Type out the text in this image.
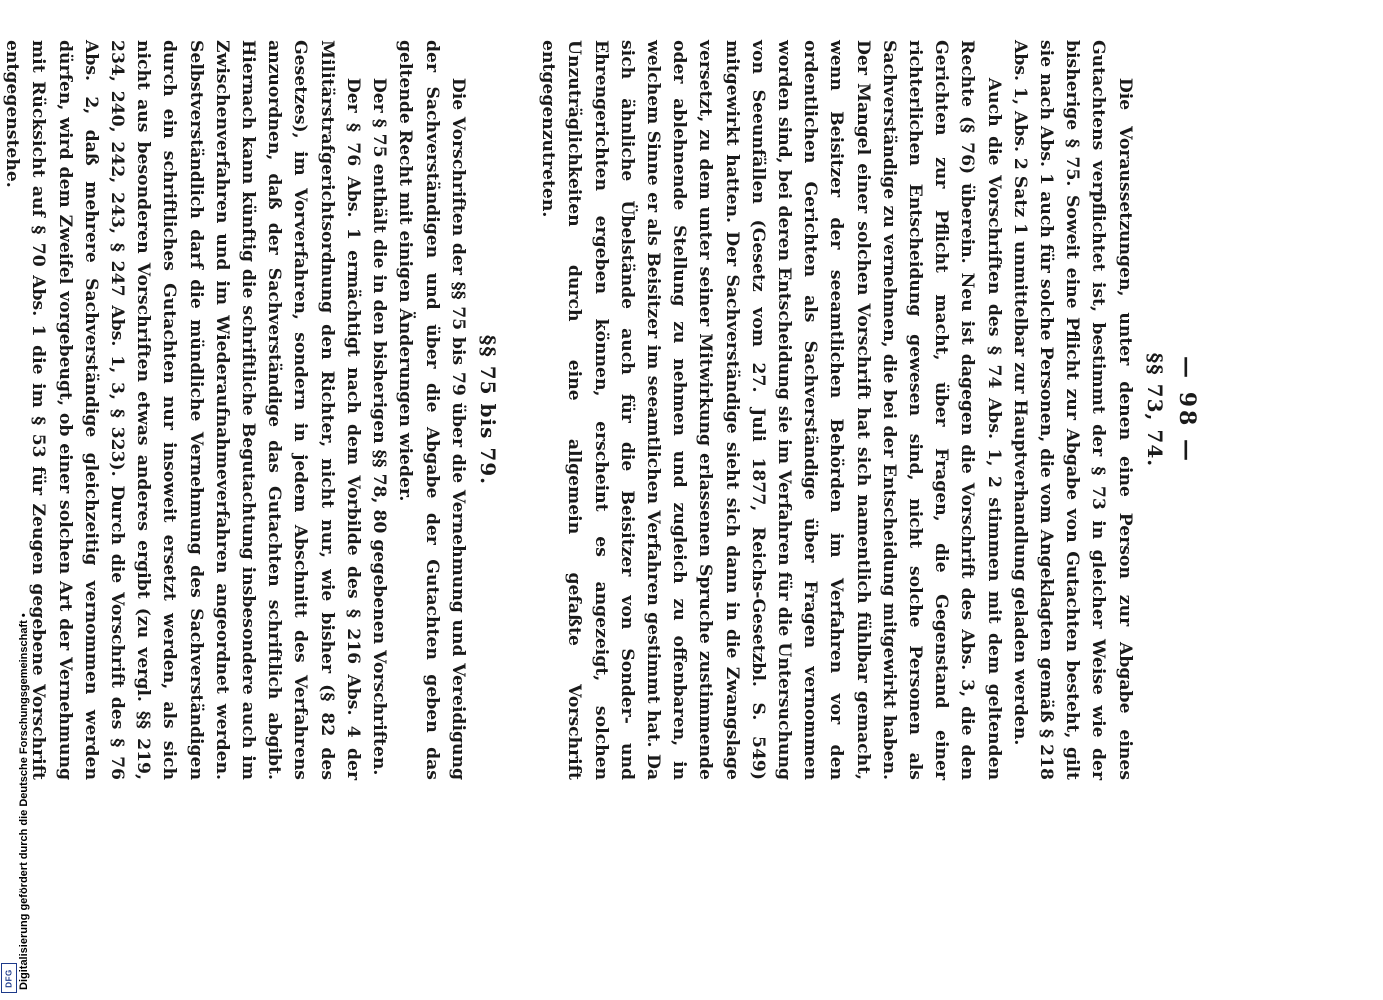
— 98 —
§§ 73, 74.

Die Voraussetzungen, unter denen eine Person zur Abgabe eines Gutachtens verpflichtet ist, bestimmt der § 73 in gleicher Weise wie der bisherige § 75. Soweit eine Pflicht zur Abgabe von Gutachten besteht, gilt sie nach Abs. 1 auch für solche Personen, die vom Angeklagten gemäß § 218 Abs. 1, Abs. 2 Satz 1 unmittelbar zur Hauptverhandlung geladen werden.

Auch die Vorschriften des § 74 Abs. 1, 2 stimmen mit dem geltenden Rechte (§ 76) überein. Neu ist dagegen die Vorschrift des Abs. 3, die den Gerichten zur Pflicht macht, über Fragen, die Gegenstand einer richterlichen Entscheidung gewesen sind, nicht solche Personen als Sachverständige zu vernehmen, die bei der Entscheidung mitgewirkt haben. Der Mangel einer solchen Vorschrift hat sich namentlich fühlbar gemacht, wenn Beisitzer der seeamtlichen Behörden im Verfahren vor den ordentlichen Gerichten als Sachverständige über Fragen vernommen worden sind, bei deren Entscheidung sie im Verfahren für die Untersuchung von Seeunfällen (Gesetz vom 27. Juli 1877, Reichs-Gesetzbl. S. 549) mitgewirkt hatten. Der Sachverständige sieht sich dann in die Zwangslage versetzt, zu dem unter seiner Mitwirkung erlassenen Spruche zustimmende oder ablehnende Stellung zu nehmen und zugleich zu offenbaren, in welchem Sinne er als Beisitzer im seeamtlichen Verfahren gestimmt hat. Da sich ähnliche Übelstände auch für die Beisitzer von Sonder- und Ehrengerichten ergeben können, erscheint es angezeigt, solchen Unzuträglichkeiten durch eine allgemein gefaßte Vorschrift entgegenzutreten.

§§ 75 bis 79.

Die Vorschriften der §§ 75 bis 79 über die Vernehmung und Vereidigung der Sachverständigen und über die Abgabe der Gutachten geben das geltende Recht mit einigen Änderungen wieder.

Der § 75 enthält die in den bisherigen §§ 78, 80 gegebenen Vorschriften.

Der § 76 Abs. 1 ermächtigt nach dem Vorbilde des § 216 Abs. 4 der Militärstrafgerichtsordnung den Richter, nicht nur, wie bisher (§ 82 des Gesetzes), im Vorverfahren, sondern in jedem Abschnitt des Verfahrens anzuordnen, daß der Sachverständige das Gutachten schriftlich abgibt. Hiernach kann künftig die schriftliche Begutachtung insbesondere auch im Zwischenverfahren und im Wiederaufnahmeverfahren angeordnet werden. Selbstverständlich darf die mündliche Vernehmung des Sachverständigen durch ein schriftliches Gutachten nur insoweit ersetzt werden, als sich nicht aus besonderen Vorschriften etwas anderes ergibt (zu vergl. §§ 219, 234, 240, 242, 243, § 247 Abs. 1, 3, § 323). Durch die Vorschrift des § 76 Abs. 2, daß mehrere Sachverständige gleichzeitig vernommen werden dürfen, wird dem Zweifel vorgebeugt, ob einer solchen Art der Vernehmung mit Rücksicht auf § 70 Abs. 1 die im § 53 für Zeugen gegebene Vorschrift entgegenstehe.

Digitalisierung gefördert durch die Deutsche Forschungsgemeinschaft •
DFG
